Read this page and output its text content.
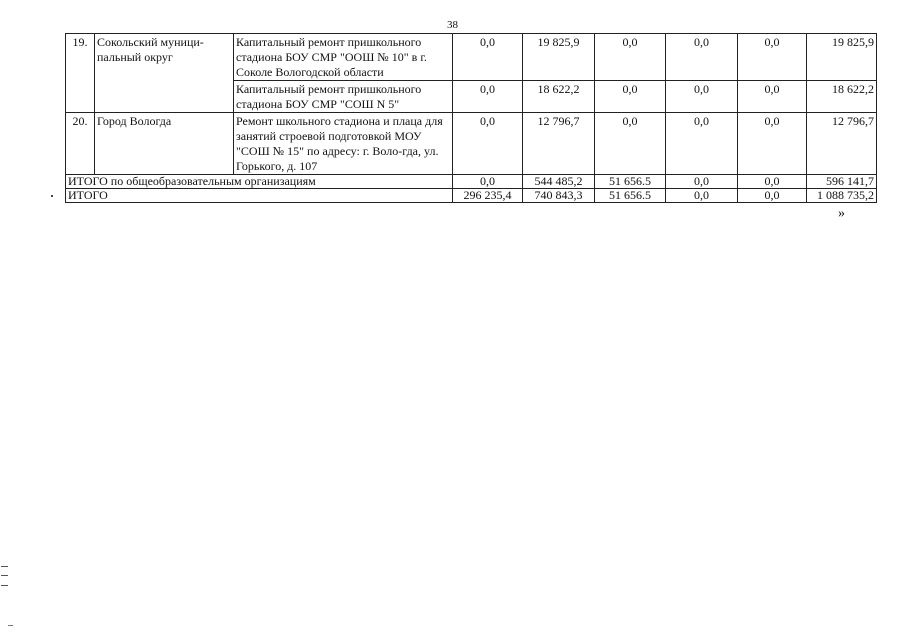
38
19.	Сокольский муници-пальный округ	Капитальный ремонт пришкольного стадиона БОУ СМР "ООШ № 10" в г. Соколе Вологодской области	0,0	19 825,9	0,0	0,0	0,0	19 825,9
		Капитальный ремонт пришкольного стадиона БОУ СМР "СОШ N 5"	0,0	18 622,2	0,0	0,0	0,0	18 622,2
20.	Город Вологда	Ремонт школьного стадиона и плаца для занятий строевой подготовкой МОУ "СОШ № 15" по адресу: г. Воло-гда, ул. Горького, д. 107	0,0	12 796,7	0,0	0,0	0,0	12 796,7
ИТОГО по общеобразовательным организациям			0,0	544 485,2	51 656.5	0,0	0,0	596 141,7
ИТОГО			296 235,4	740 843,3	51 656.5	0,0	0,0	1 088 735,2
»
